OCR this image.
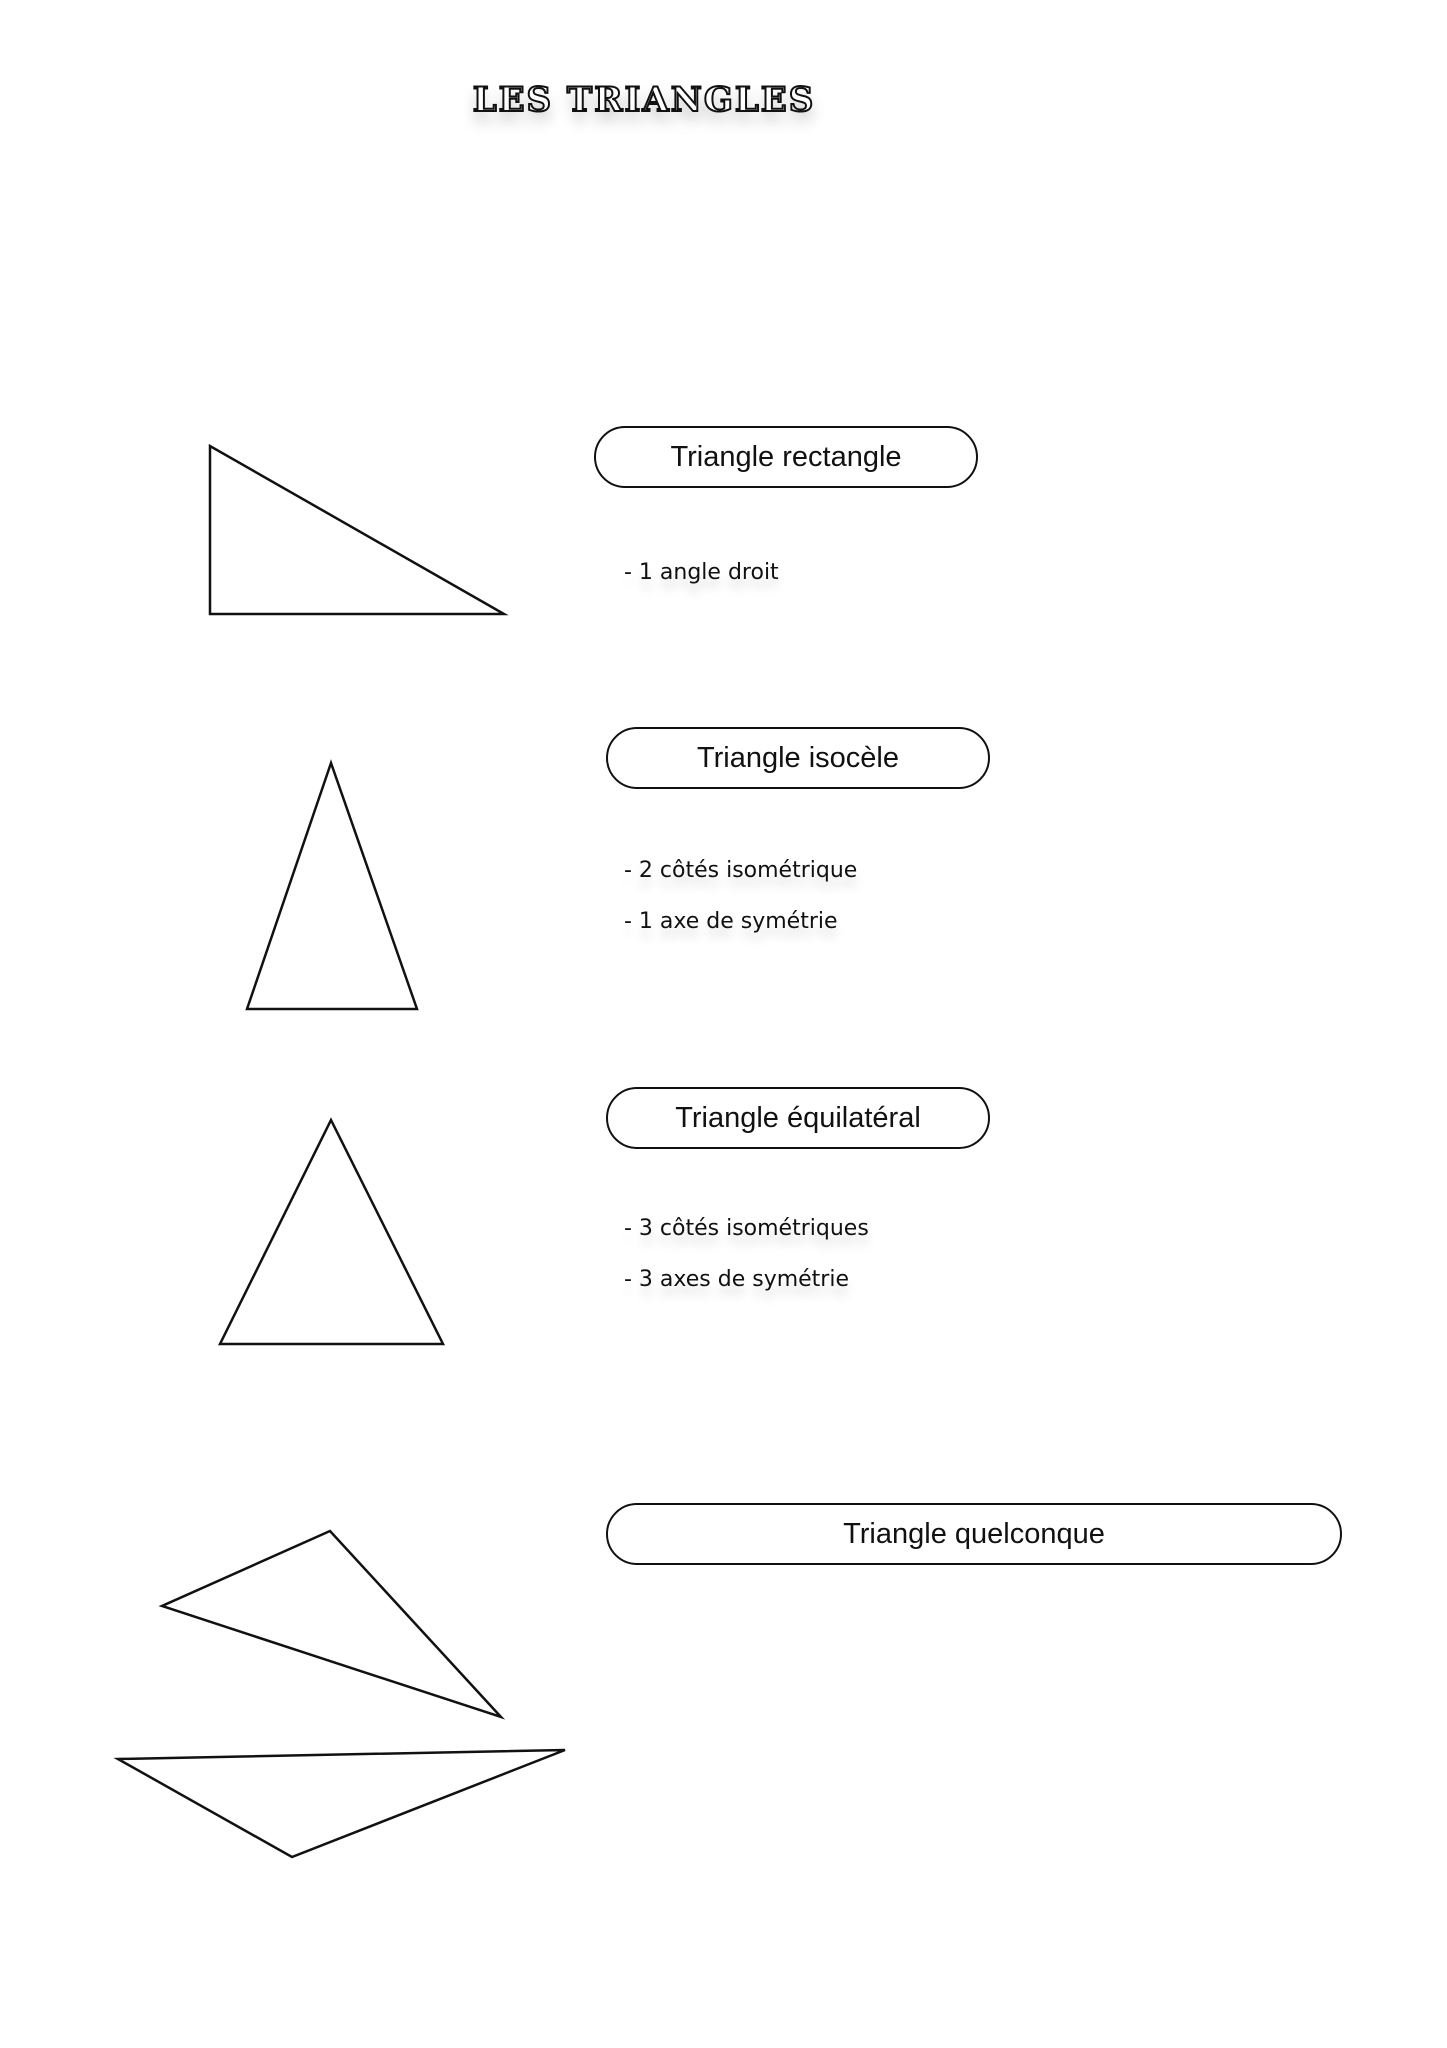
LES TRIANGLES
Triangle rectangle
- 1 angle droit
Triangle isocèle
- 2 côtés isométrique
- 1 axe de symétrie
Triangle équilatéral
- 3 côtés isométriques
- 3 axes de symétrie
Triangle quelconque
